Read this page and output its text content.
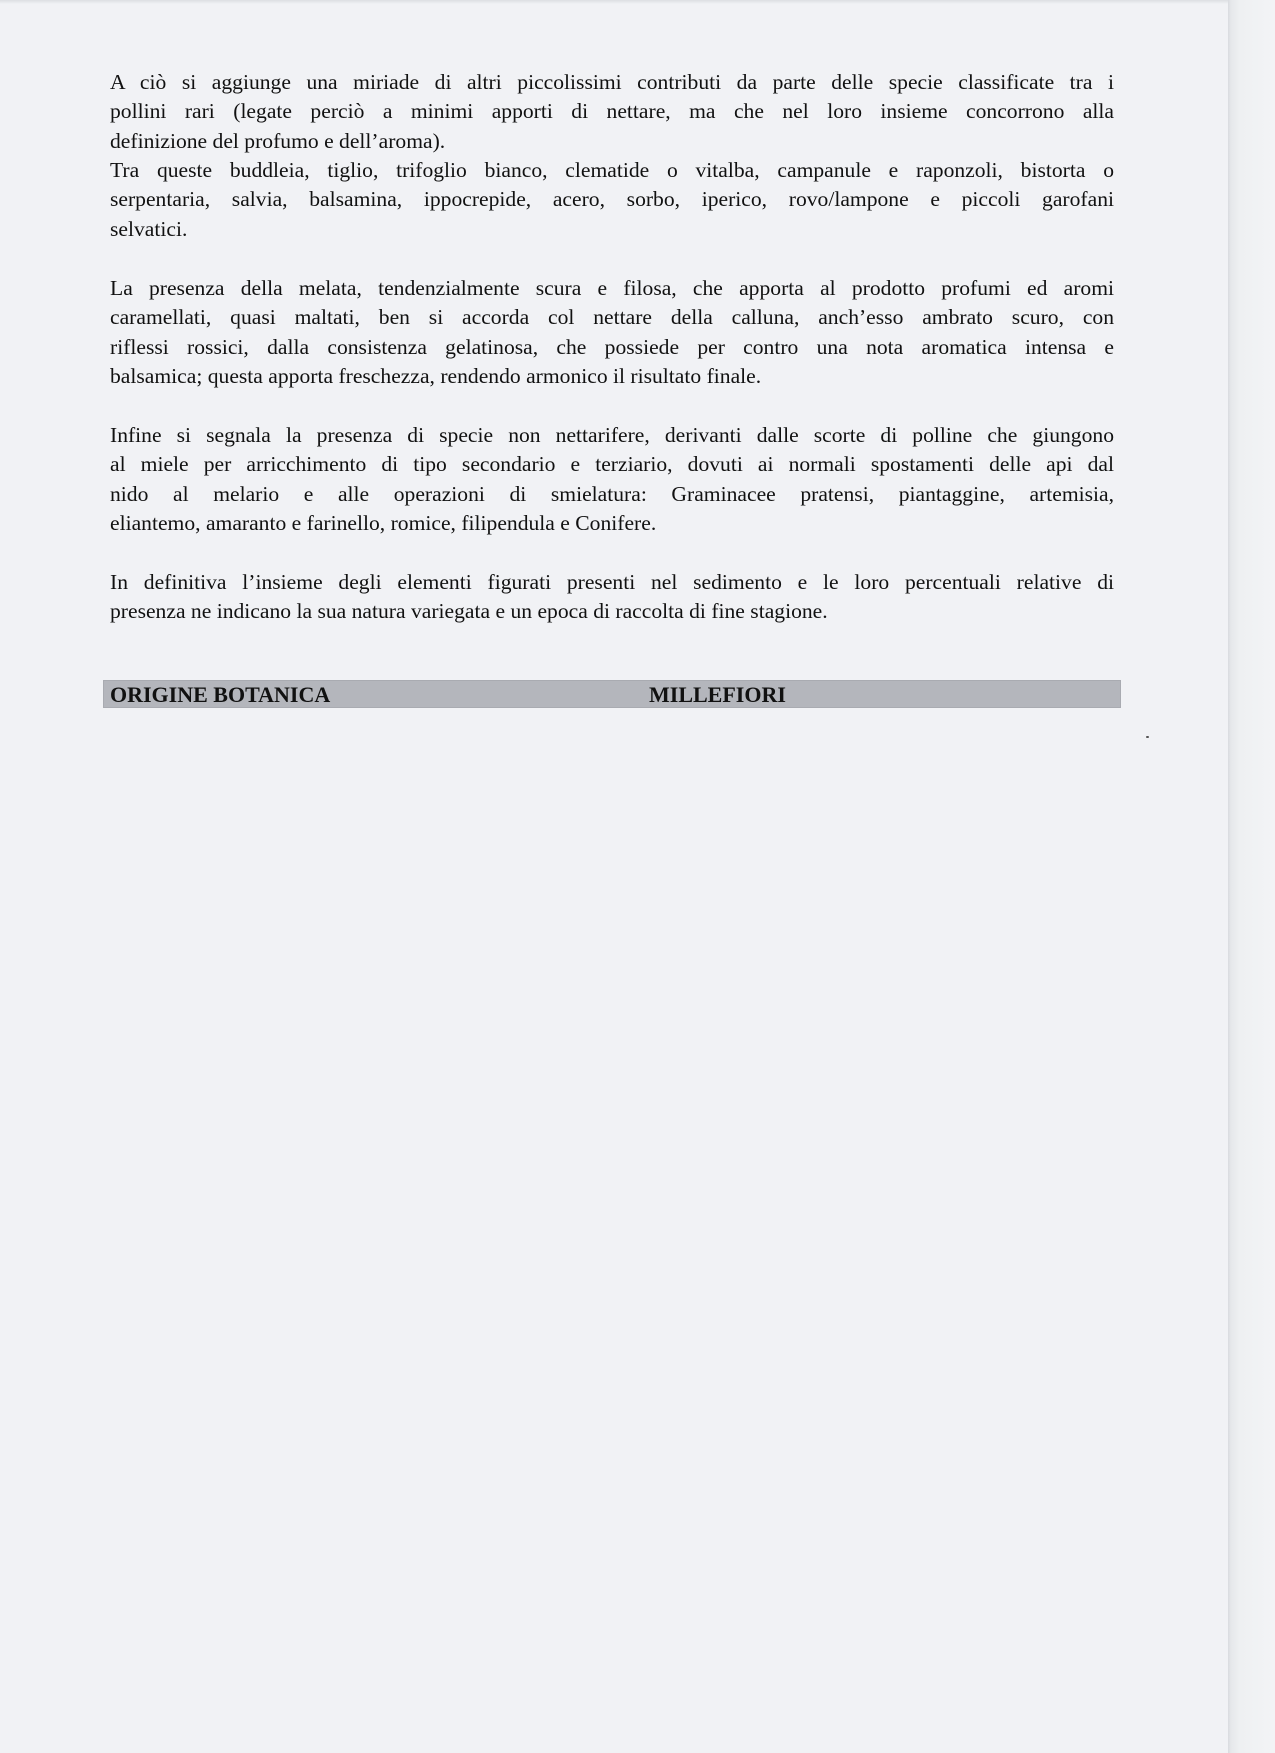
A ciò si aggiunge una miriade di altri piccolissimi contributi da parte delle specie classificate tra i
pollini rari (legate perciò a minimi apporti di nettare, ma che nel loro insieme concorrono alla
definizione del profumo e dell’aroma).
Tra queste buddleia, tiglio, trifoglio bianco, clematide o vitalba, campanule e raponzoli, bistorta o
serpentaria, salvia, balsamina, ippocrepide, acero, sorbo, iperico, rovo/lampone e piccoli garofani
selvatici.
La presenza della melata, tendenzialmente scura e filosa, che apporta al prodotto profumi ed aromi
caramellati, quasi maltati, ben si accorda col nettare della calluna, anch’esso ambrato scuro, con
riflessi rossici, dalla consistenza gelatinosa, che possiede per contro una nota aromatica intensa e
balsamica; questa apporta freschezza, rendendo armonico il risultato finale.
Infine si segnala la presenza di specie non nettarifere, derivanti dalle scorte di polline che giungono
al miele per arricchimento di tipo secondario e terziario, dovuti ai normali spostamenti delle api dal
nido al melario e alle operazioni di smielatura: Graminacee pratensi, piantaggine, artemisia,
eliantemo, amaranto e farinello, romice, filipendula e Conifere.
In definitiva l’insieme degli elementi figurati presenti nel sedimento e le loro percentuali relative di
presenza ne indicano la sua natura variegata e un epoca di raccolta di fine stagione.
ORIGINE BOTANICA	MILLEFIORI
